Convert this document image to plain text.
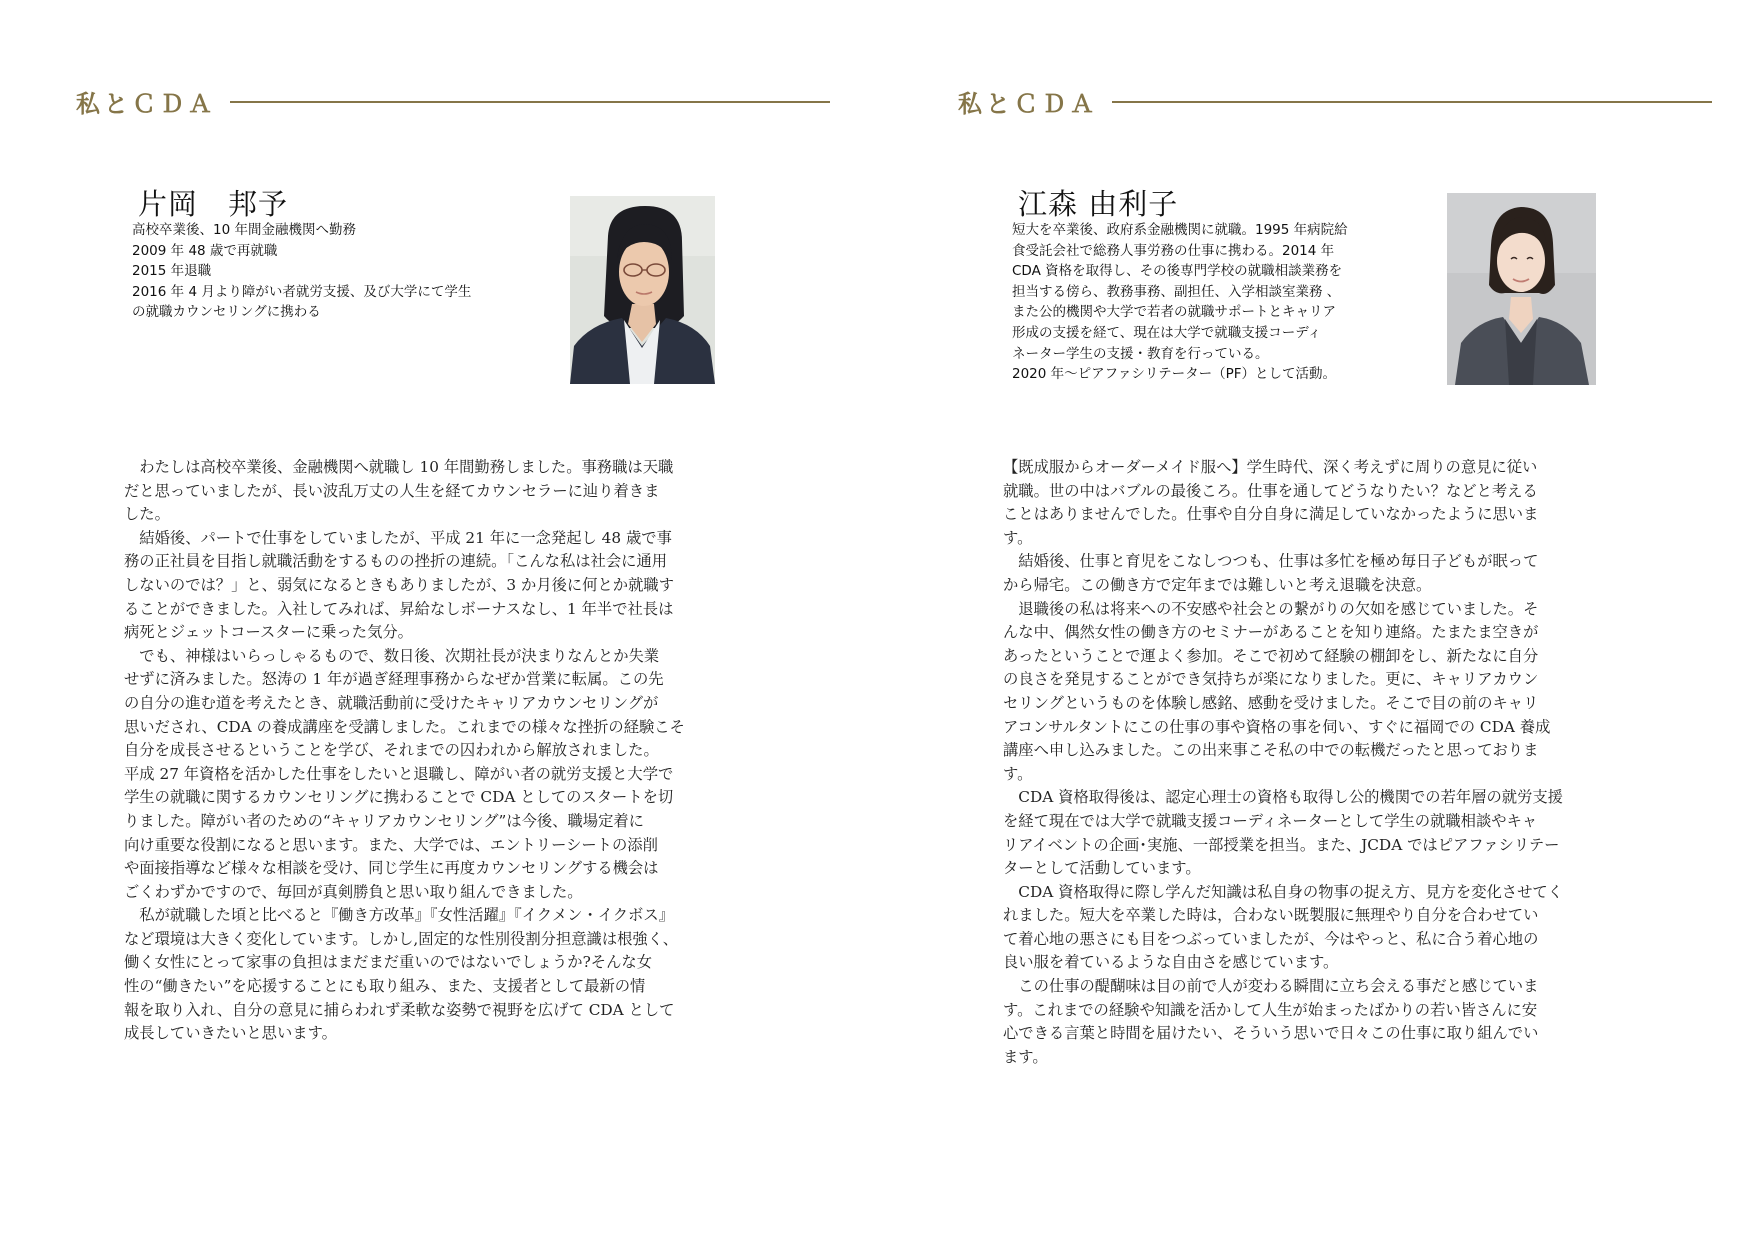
私とＣＤＡ
片岡　邦予
高校卒業後、10 年間金融機関へ勤務
2009 年 48 歳で再就職
2015 年退職
2016 年 4 月より障がい者就労支援、及び大学にて学生
の就職カウンセリングに携わる
　わたしは高校卒業後、金融機関へ就職し 10 年間勤務しました。事務職は天職
だと思っていましたが、長い波乱万丈の人生を経てカウンセラーに辿り着きま
した。
　結婚後、パートで仕事をしていましたが、平成 21 年に一念発起し 48 歳で事
務の正社員を目指し就職活動をするものの挫折の連続。「こんな私は社会に通用
しないのでは？」と、弱気になるときもありましたが、3 か月後に何とか就職す
ることができました。入社してみれば、昇給なしボーナスなし、1 年半で社長は
病死とジェットコースターに乗った気分。
　でも、神様はいらっしゃるもので、数日後、次期社長が決まりなんとか失業
せずに済みました。怒涛の 1 年が過ぎ経理事務からなぜか営業に転属。この先
の自分の進む道を考えたとき、就職活動前に受けたキャリアカウンセリングが
思いだされ、CDA の養成講座を受講しました。これまでの様々な挫折の経験こそ
自分を成長させるということを学び、それまでの囚われから解放されました。
平成 27 年資格を活かした仕事をしたいと退職し、障がい者の就労支援と大学で
学生の就職に関するカウンセリングに携わることで CDA としてのスタートを切
りました。障がい者のための“キャリアカウンセリング”は今後、職場定着に
向け重要な役割になると思います。また、大学では、エントリーシートの添削
や面接指導など様々な相談を受け、同じ学生に再度カウンセリングする機会は
ごくわずかですので、毎回が真剣勝負と思い取り組んできました。
　私が就職した頃と比べると『働き方改革』『女性活躍』『イクメン・イクボス』
など環境は大きく変化しています。しかし,固定的な性別役割分担意識は根強く、
働く女性にとって家事の負担はまだまだ重いのではないでしょうか?そんな女
性の“働きたい”を応援することにも取り組み、また、支援者として最新の情
報を取り入れ、自分の意見に捕らわれず柔軟な姿勢で視野を広げて CDA として
成長していきたいと思います。
私とＣＤＡ
江森 由利子
短大を卒業後、政府系金融機関に就職。1995 年病院給
食受託会社で総務人事労務の仕事に携わる。2014 年
CDA 資格を取得し、その後専門学校の就職相談業務を
担当する傍ら、教務事務、副担任、入学相談室業務 、
また公的機関や大学で若者の就職サポートとキャリア
形成の支援を経て、現在は大学で就職支援コーディ
ネーター学生の支援・教育を行っている。
2020 年～ピアファシリテーター（PF）として活動。
【既成服からオーダーメイド服へ】学生時代、深く考えずに周りの意見に従い
就職。世の中はバブルの最後ころ。仕事を通してどうなりたい？などと考える
ことはありませんでした。仕事や自分自身に満足していなかったように思いま
す。
　結婚後、仕事と育児をこなしつつも、仕事は多忙を極め毎日子どもが眠って
から帰宅。この働き方で定年までは難しいと考え退職を決意。
　退職後の私は将来への不安感や社会との繋がりの欠如を感じていました。そ
んな中、偶然女性の働き方のセミナーがあることを知り連絡。たまたま空きが
あったということで運よく参加。そこで初めて経験の棚卸をし、新たなに自分
の良さを発見することができ気持ちが楽になりました。更に、キャリアカウン
セリングというものを体験し感銘、感動を受けました。そこで目の前のキャリ
アコンサルタントにこの仕事の事や資格の事を伺い、すぐに福岡での CDA 養成
講座へ申し込みました。この出来事こそ私の中での転機だったと思っておりま
す。
　CDA 資格取得後は、認定心理士の資格も取得し公的機関での若年層の就労支援
を経て現在では大学で就職支援コーディネーターとして学生の就職相談やキャ
リアイベントの企画･実施、一部授業を担当。また、JCDA ではピアファシリテー
ターとして活動しています。
　CDA 資格取得に際し学んだ知識は私自身の物事の捉え方、見方を変化させてく
れました。短大を卒業した時は，合わない既製服に無理やり自分を合わせてい
て着心地の悪さにも目をつぶっていましたが、今はやっと、私に合う着心地の
良い服を着ているような自由さを感じています。
　この仕事の醍醐味は目の前で人が変わる瞬間に立ち会える事だと感じていま
す。これまでの経験や知識を活かして人生が始まったばかりの若い皆さんに安
心できる言葉と時間を届けたい、そういう思いで日々この仕事に取り組んでい
ます。
